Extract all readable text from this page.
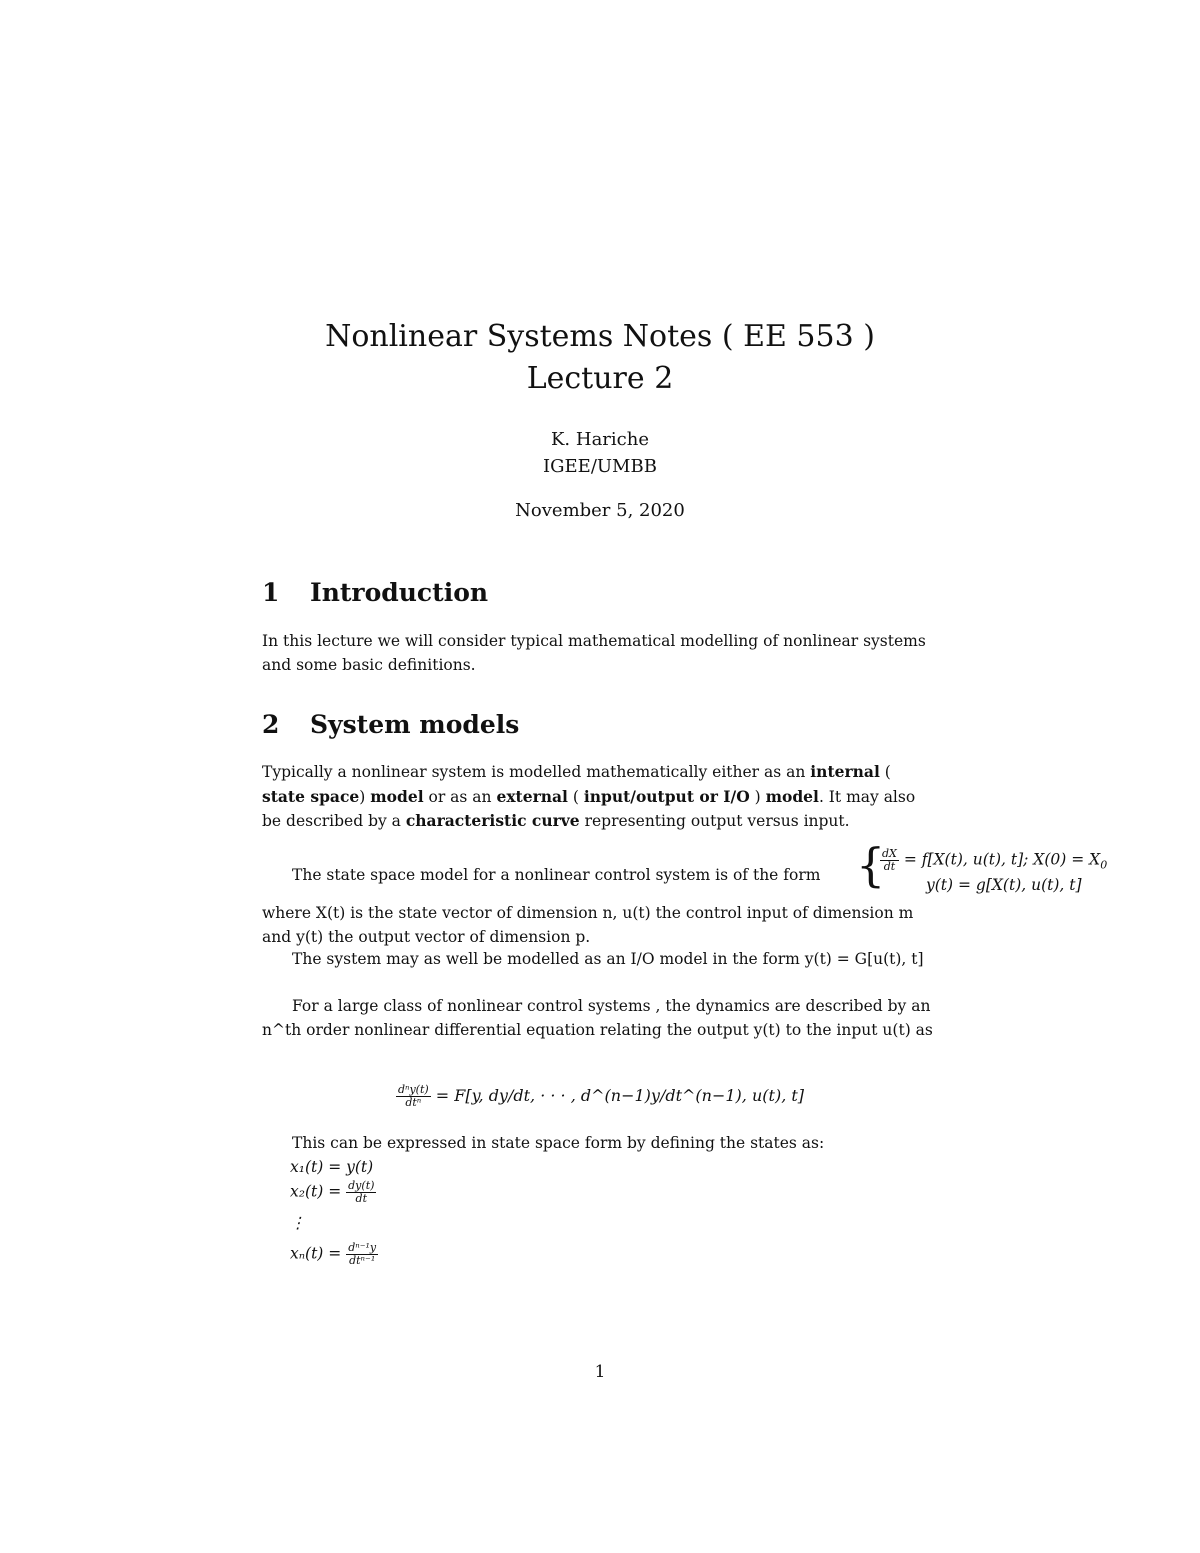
Nonlinear Systems Notes ( EE 553 )
Lecture 2
K. Hariche
IGEE/UMBB
November 5, 2020
1 Introduction
In this lecture we will consider typical mathematical modelling of nonlinear systems and some basic definitions.
2 System models
Typically a nonlinear system is modelled mathematically either as an internal ( state space) model or as an external ( input/output or I/O ) model. It may also be described by a characteristic curve representing output versus input.
The state space model for a nonlinear control system is of the form {
$\frac{dX}{dt} = f[X(t)$, u(t), t]; $X(0) = X_0$
y(t) = g[X(t), u(t), t]
where X(t) is the state vector of dimension n, u(t) the control input of dimension m and y(t) the output vector of dimension p.
The system may as well be modelled as an I/O model in the form y(t) = G[u(t), t]
For a large class of nonlinear control systems , the dynamics are described by an n^th order nonlinear differential equation relating the output y(t) to the input u(t) as
$\frac{\text{dⁿy(t)}}{\text{dtⁿ}} = F[y$, dy/dt, · · · , d^(n−1)y/dt^(n−1), u(t), t]
This can be expressed in state space form by defining the states as:
x₁(t) = y(t)
$x_2(t) = \frac{dy(t)}{dt}$
⋮
$x_n(t) = \frac{\text{dⁿ⁻¹y}}{\text{dtⁿ⁻¹}}$
1
